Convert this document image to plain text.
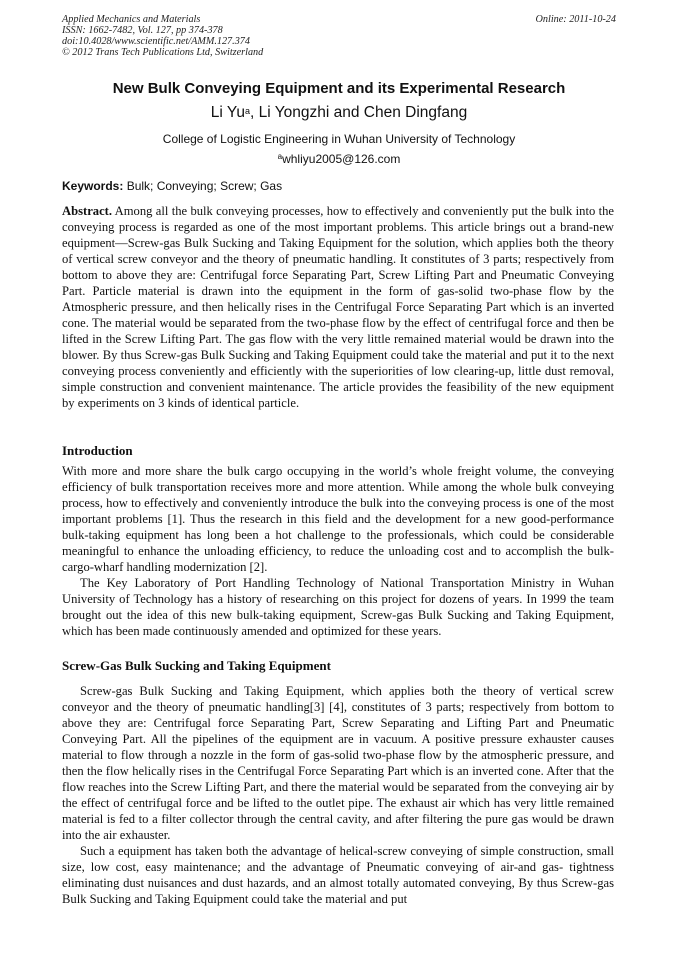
Applied Mechanics and Materials
ISSN: 1662-7482, Vol. 127, pp 374-378
doi:10.4028/www.scientific.net/AMM.127.374
© 2012 Trans Tech Publications Ltd, Switzerland
Online: 2011-10-24
New Bulk Conveying Equipment and its Experimental Research
Li Yu$^a$, Li Yongzhi and Chen Dingfang
College of Logistic Engineering in Wuhan University of Technology
$^a$whliyu2005@126.com
Keywords: Bulk; Conveying; Screw; Gas

Abstract. Among all the bulk conveying processes, how to effectively and conveniently put the bulk into the conveying process is regarded as one of the most important problems. This article brings out a brand-new equipment—Screw-gas Bulk Sucking and Taking Equipment for the solution, which applies both the theory of vertical screw conveyor and the theory of pneumatic handling. It constitutes of 3 parts; respectively from bottom to above they are: Centrifugal force Separating Part, Screw Lifting Part and Pneumatic Conveying Part. Particle material is drawn into the equipment in the form of gas-solid two-phase flow by the Atmospheric pressure, and then helically rises in the Centrifugal Force Separating Part which is an inverted cone. The material would be separated from the two-phase flow by the effect of centrifugal force and then be lifted in the Screw Lifting Part. The gas flow with the very little remained material would be drawn into the blower. By thus Screw-gas Bulk Sucking and Taking Equipment could take the material and put it to the next conveying process conveniently and efficiently with the superiorities of low clearing-up, little dust removal, simple construction and convenient maintenance. The article provides the feasibility of the new equipment by experiments on 3 kinds of identical particle.

Introduction

With more and more share the bulk cargo occupying in the world’s whole freight volume, the conveying efficiency of bulk transportation receives more and more attention. While among the whole bulk conveying process, how to effectively and conveniently introduce the bulk into the conveying process is one of the most important problems [1]. Thus the research in this field and the development for a new good-performance bulk-taking equipment has long been a hot challenge to the professionals, which could be considerable meaningful to enhance the unloading efficiency, to reduce the unloading cost and to accomplish the bulk-cargo-wharf handling modernization [2].

The Key Laboratory of Port Handling Technology of National Transportation Ministry in Wuhan University of Technology has a history of researching on this project for dozens of years. In 1999 the team brought out the idea of this new bulk-taking equipment, Screw-gas Bulk Sucking and Taking Equipment, which has been made continuously amended and optimized for these years.

Screw-Gas Bulk Sucking and Taking Equipment

Screw-gas Bulk Sucking and Taking Equipment, which applies both the theory of vertical screw conveyor and the theory of pneumatic handling[3] [4], constitutes of 3 parts; respectively from bottom to above they are: Centrifugal force Separating Part, Screw Separating and Lifting Part and Pneumatic Conveying Part. All the pipelines of the equipment are in vacuum. A positive pressure exhauster causes material to flow through a nozzle in the form of gas-solid two-phase flow by the atmospheric pressure, and then the flow helically rises in the Centrifugal Force Separating Part which is an inverted cone. After that the flow reaches into the Screw Lifting Part, and there the material would be separated from the conveying air by the effect of centrifugal force and be lifted to the outlet pipe. The exhaust air which has very little remained material is fed to a filter collector through the central cavity, and after filtering the pure gas would be drawn into the air exhauster.

Such a equipment has taken both the advantage of helical-screw conveying of simple construction, small size, low cost, easy maintenance; and the advantage of Pneumatic conveying of air-and gas- tightness eliminating dust nuisances and dust hazards, and an almost totally automated conveying, By thus Screw-gas Bulk Sucking and Taking Equipment could take the material and put
